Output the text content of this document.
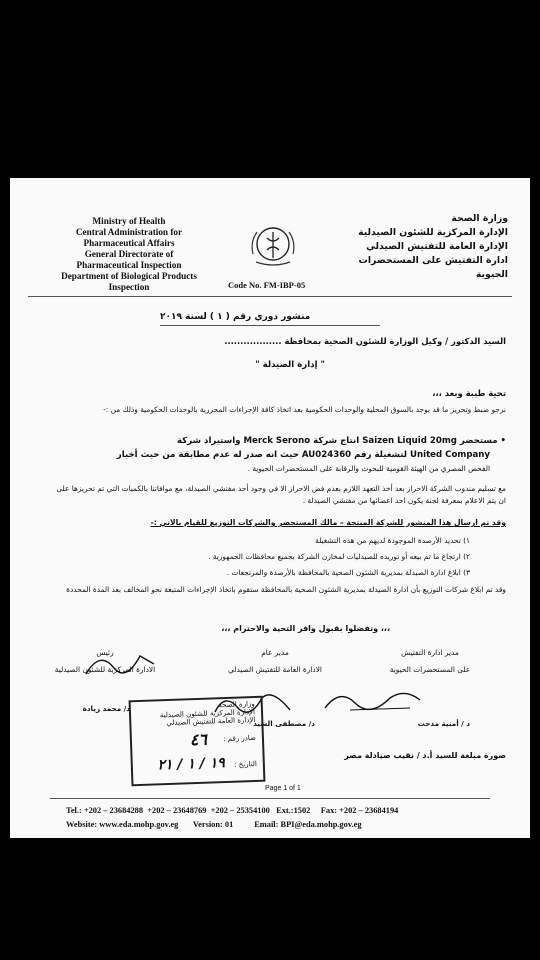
Ministry of Health
Central Administration for
Pharmaceutical Affairs
General Directorate of
Pharmaceutical Inspection
Department of Biological Products
Inspection
وزارة الصحة
الإدارة المركزية للشئون الصيدلية
الإدارة العامة للتفتيش الصيدلي
ادارة التفتيش على المستحضرات
الحيوية
Code No. FM-IBP-05
منشور دوري رقم ( ١ ) لسنة ٢٠١٩
السيد الدكتور / وكيل الوزارة للشئون الصحية بمحافظة ..................
" إدارة الصيدلة "
تحية طيبة وبعد ،،،
نرجو ضبط وتحريز ما قد يوجد بالسوق المحلية والوحدات الحكومية بعد اتخاذ كافة الإجراءات المحررية بالوحدات الحكومية وذلك من :-
• مستحضر Saizen Liquid 20mg انتاج شركة Merck Serono واستيراد شركة
United Company لتشغيلة رقم AU024360 حيث انه صدر له عدم مطابقة من حيث أخبار
الفحص المصري من الهيئة القومية للبحوث والرقابة على المستحضرات الحيوية .
مع تسليم مندوب الشركة الاحراز بعد أخذ التعهد اللازم بعدم فض الاحراز الا في وجود أحد مفتشي الصيدلة، مع موافاتنا بالكميات التي تم تحريزها على ان يتم الاعلام بمعرفة لجنة يكون احد اعضائها من مفتشي الصيدلة .
وقد تم ارسال هذا المنشور للشركة المنتجة – مالك المستحضر والشركات التوزيع للقيام بالاتي :-
١) تحديد الأرصدة الموجودة لديهم من هذه التشغيلة
٢) ارتجاع ما تم بيعه أو توريده للصيدليات لمخازن الشركة بجميع محافظات الجمهورية .
٣) ابلاغ ادارة الصيدلة بمديرية الشئون الصحية بالمحافظة بالأرصدة والمرتجعات .
وقد تم ابلاغ شركات التوزيع بأن ادارة الصيدلة بمديرية الشئون الصحية بالمحافظة ستقوم باتخاذ الإجراءات المتبعة نحو المخالف بعد المدة المحددة
،،، وتفضلوا بقبول وافر التحية والاحترام ،،،
مدير ادارة التفتيش
على المستحضرات الحيوية
مدير عام
الادارة العامة للتفتيش الصيدلي
رئيس
الادارة المركزية للشئون الصيدلية
د / أمنية مدحت
د/ مصطفى السيد
د/ محمد زيادة
صورة مبلغة للسيد أ.د / نقيب صيادلة مصر
وزارة الصحة
الإدارة المركزية للشئون الصيدلية
الإدارة العامة للتفتيش الصيدلي
صادر رقم :
٤٦
التاريخ :
١٩ / ١ / ٢١
Page 1 of 1
Tel.: +202 – 23684288  +202 – 23648769  +202 – 25354100   Ext.:1502     Fax: +202 – 23684194
Website: www.eda.mohp.gov.eg       Version: 01          Email: BPI@eda.mohp.gov.eg
